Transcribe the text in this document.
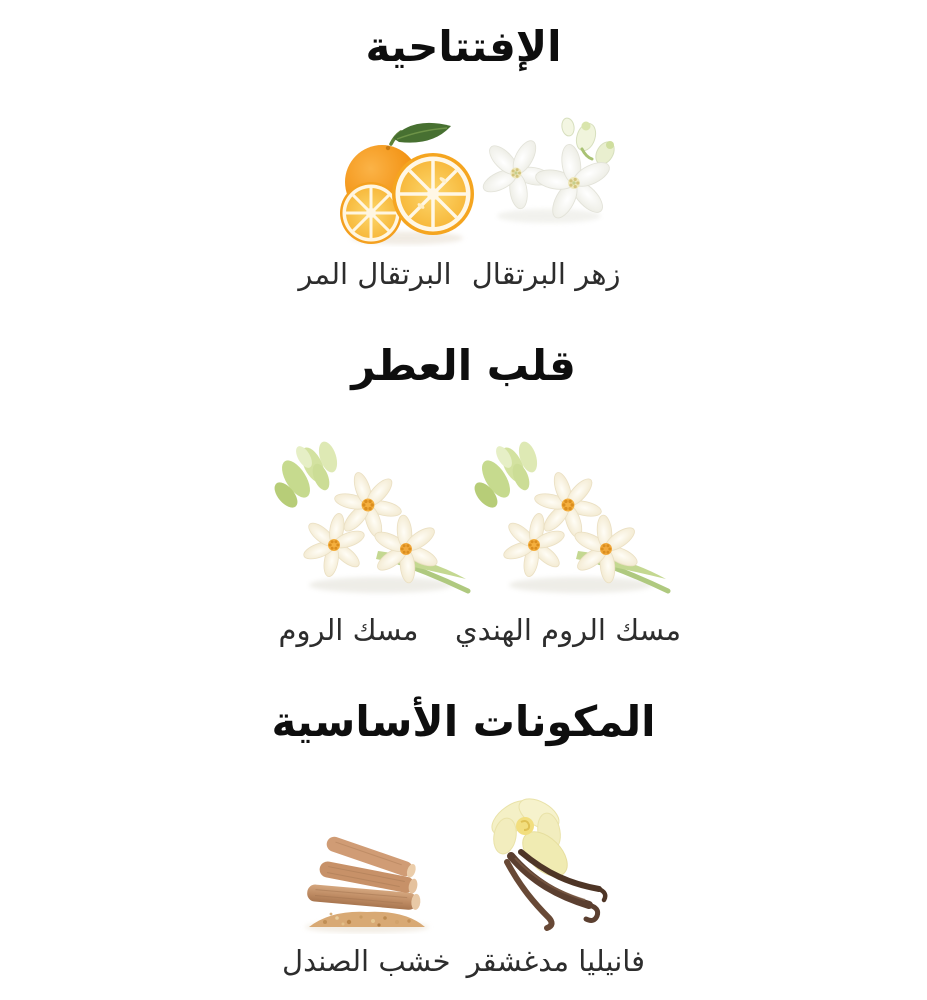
الإفتتاحية
زهر البرتقال
البرتقال المر
قلب العطر
مسك الروم الهندي
مسك الروم
المكونات الأساسية
فانيليا مدغشقر
خشب الصندل
